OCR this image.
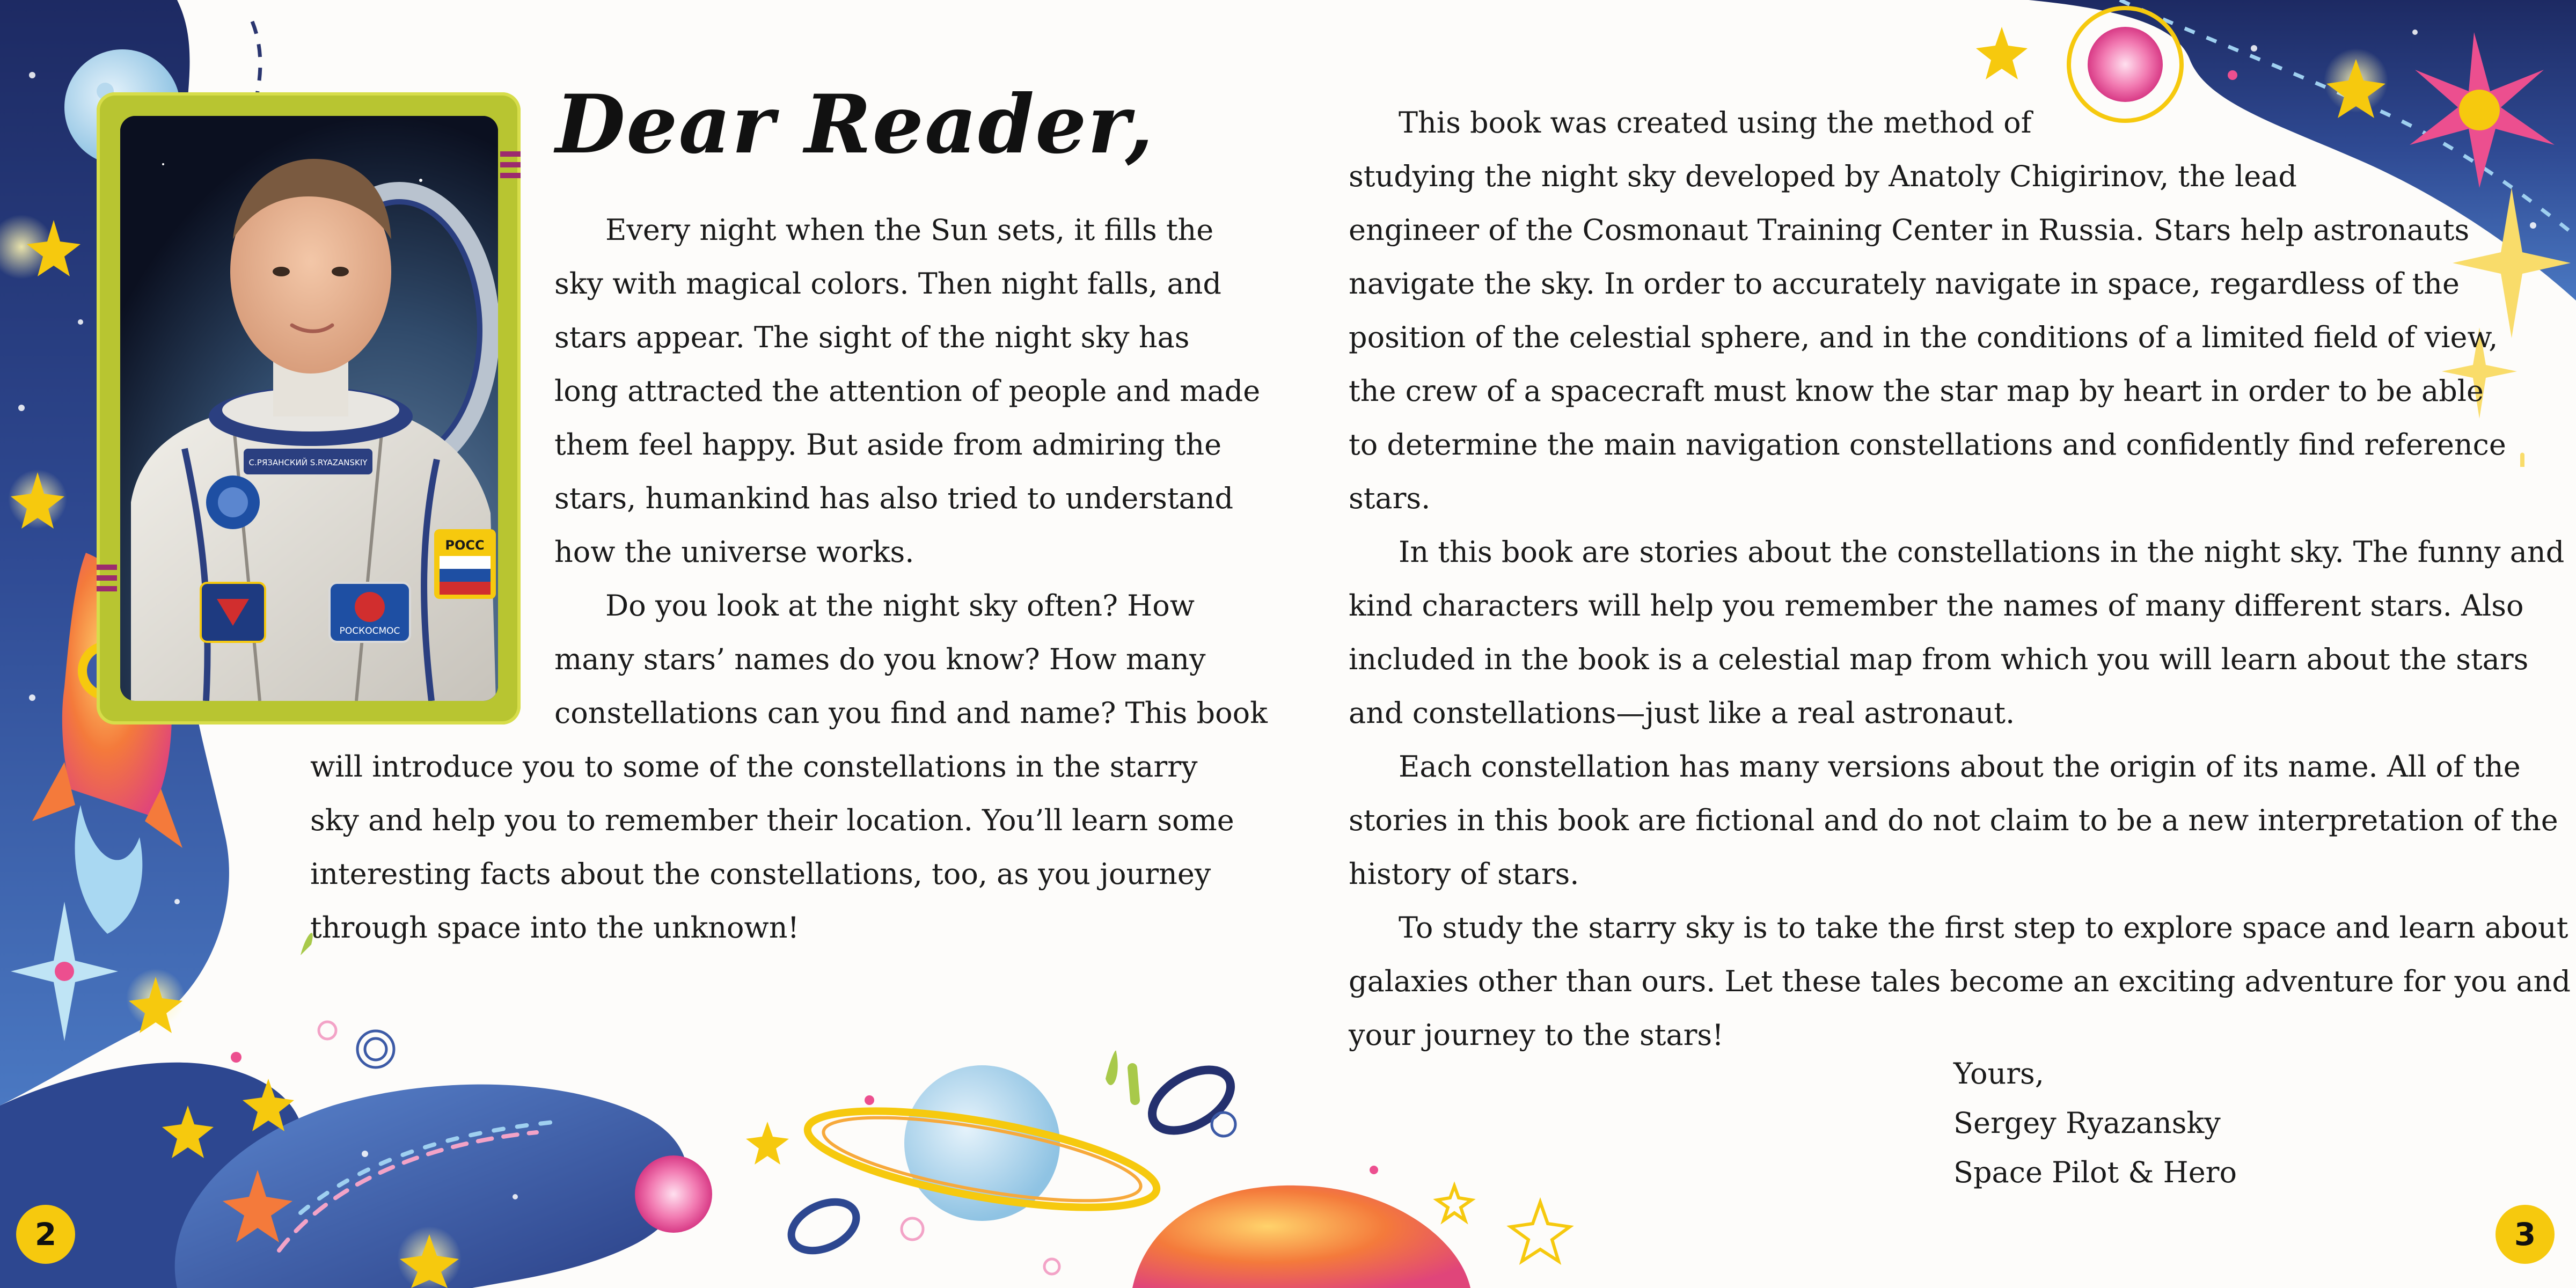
С.РЯЗАНСКИЙ S.RYAZANSKIY
РОСС
РОСКОСМОС
Dear Reader,

Every night when the Sun sets, it fills the

sky with magical colors. Then night falls, and

stars appear. The sight of the night sky has

long attracted the attention of people and made

them feel happy. But aside from admiring the

stars, humankind has also tried to understand

how the universe works.

Do you look at the night sky often? How

many stars’ names do you know? How many

constellations can you find and name? This book

will introduce you to some of the constellations in the starry

sky and help you to remember their location. You’ll learn some

interesting facts about the constellations, too, as you journey

through space into the unknown!

This book was created using the method of

studying the night sky developed by Anatoly Chigirinov, the lead

engineer of the Cosmonaut Training Center in Russia. Stars help astronauts

navigate the sky. In order to accurately navigate in space, regardless of the

position of the celestial sphere, and in the conditions of a limited field of view,

the crew of a spacecraft must know the star map by heart in order to be able

to determine the main navigation constellations and confidently find reference

stars.

In this book are stories about the constellations in the night sky. The funny and

kind characters will help you remember the names of many different stars. Also

included in the book is a celestial map from which you will learn about the stars

and constellations—just like a real astronaut.

Each constellation has many versions about the origin of its name. All of the

stories in this book are fictional and do not claim to be a new interpretation of the

history of stars.

To study the starry sky is to take the first step to explore space and learn about

galaxies other than ours. Let these tales become an exciting adventure for you and

your journey to the stars!

Yours,
Sergey Ryazansky
Space Pilot & Hero
2	3
